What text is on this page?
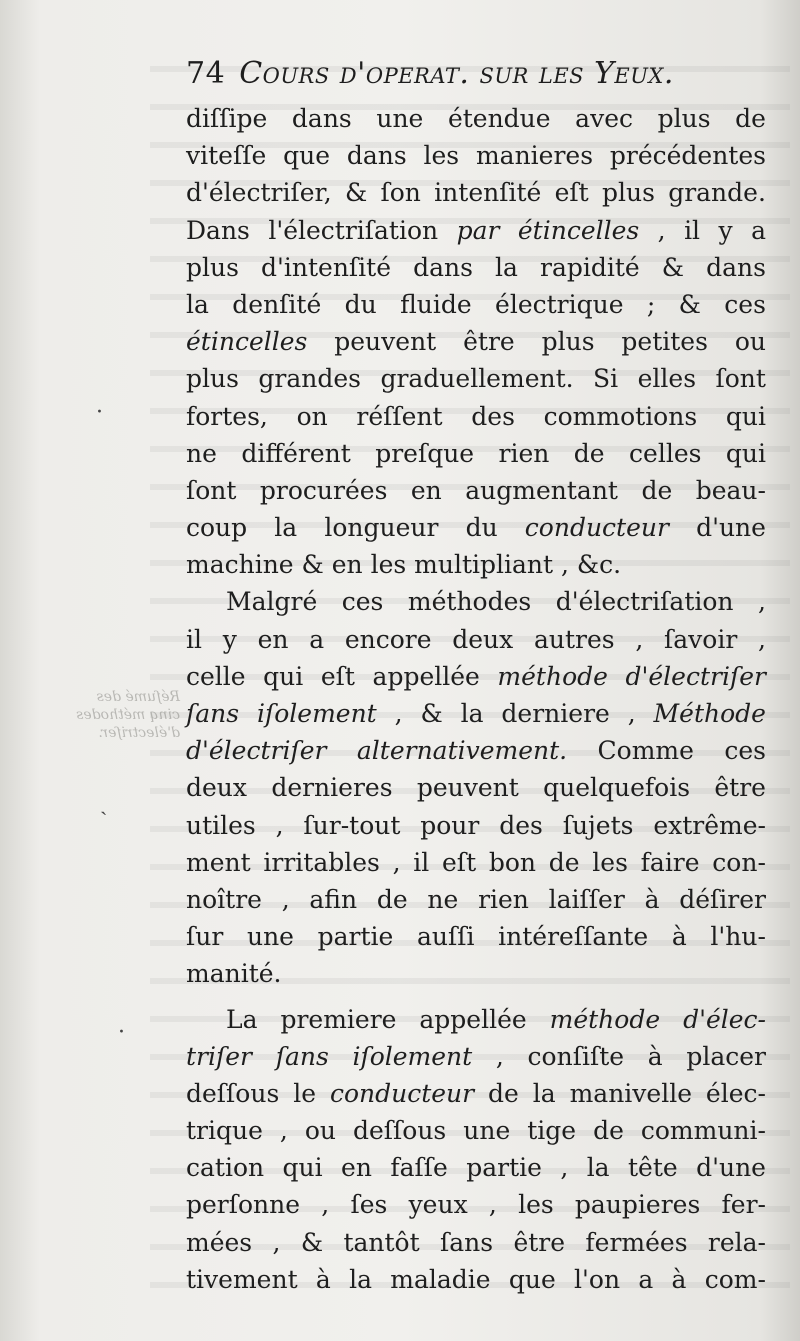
74 Cours d'operat. sur les Yeux.
Réſumé des
cinq méthodes
d'électriſer.
diſſipe dans une étendue avec plus de
viteſſe que dans les manieres précédentes
d'électriſer, & ſon intenſité eſt plus grande.
Dans l'électriſation par étincelles , il y a
plus d'intenſité dans la rapidité & dans
la denſité du fluide électrique ; & ces
étincelles peuvent être plus petites ou
plus grandes graduellement. Si elles ſont
fortes, on réſſent des commotions qui
ne différent preſque rien de celles qui
ſont procurées en augmentant de beau-
coup la longueur du conducteur d'une
machine & en les multipliant , &c.
Malgré ces méthodes d'électriſation ,
il y en a encore deux autres , ſavoir ,
celle qui eſt appellée méthode d'électriſer
ſans iſolement , & la derniere , Méthode
d'électriſer alternativement. Comme ces
deux dernieres peuvent quelquefois être
utiles , ſur-tout pour des ſujets extrême-
ment irritables , il eſt bon de les faire con-
noître , afin de ne rien laiſſer à déſirer
ſur une partie auſſi intéreſſante à l'hu-
manité.
La premiere appellée méthode d'élec-
triſer ſans iſolement , conſiſte à placer
deſſous le conducteur de la manivelle élec-
trique , ou deſſous une tige de communi-
cation qui en faſſe partie , la tête d'une
perſonne , ſes yeux , les paupieres fer-
mées , & tantôt ſans être fermées rela-
tivement à la maladie que l'on a à com-
·
ˎ
·
